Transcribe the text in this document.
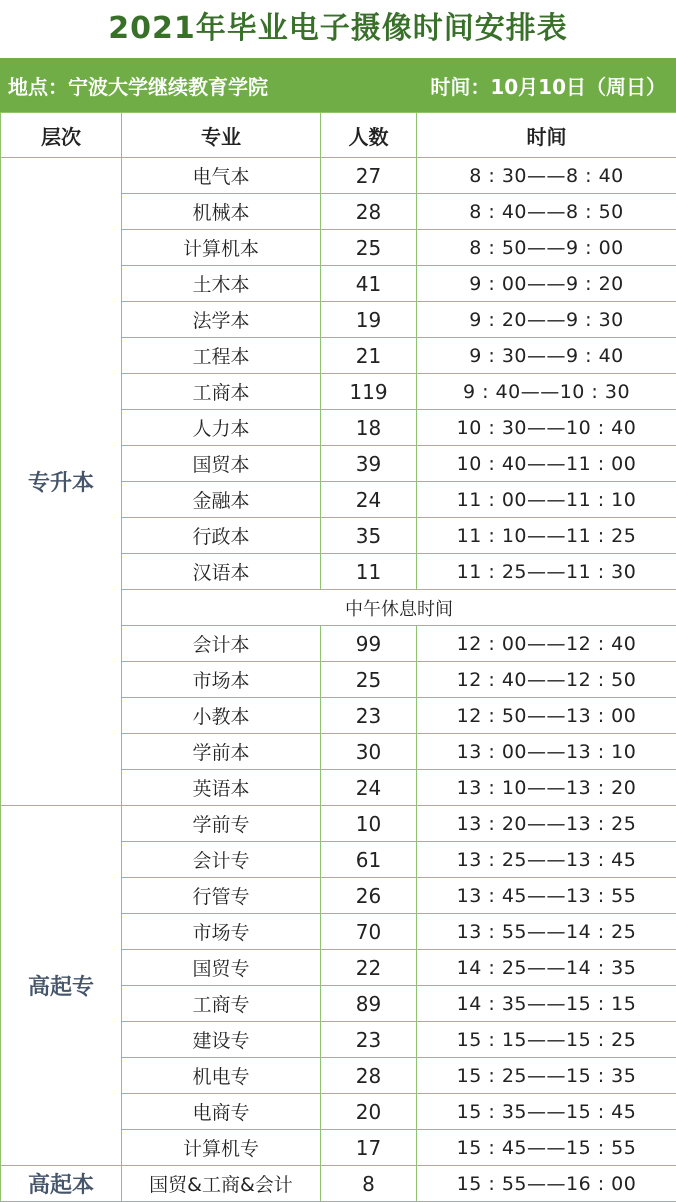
2021年毕业电子摄像时间安排表
地点：宁波大学继续教育学院	时间：10月10日（周日）
层次	专业	人数	时间
专升本	电气本	27	8 : 30——8 : 40
	机械本	28	8 : 40——8 : 50
	计算机本	25	8 : 50——9 : 00
	土木本	41	9 : 00——9 : 20
	法学本	19	9 : 20——9 : 30
	工程本	21	9 : 30——9 : 40
	工商本	119	9 : 40——10 : 30
	人力本	18	10 : 30——10 : 40
	国贸本	39	10 : 40——11 : 00
	金融本	24	11 : 00——11 : 10
	行政本	35	11 : 10——11 : 25
	汉语本	11	11 : 25——11 : 30
	中午休息时间		
	会计本	99	12 : 00——12 : 40
	市场本	25	12 : 40——12 : 50
	小教本	23	12 : 50——13 : 00
	学前本	30	13 : 00——13 : 10
	英语本	24	13 : 10——13 : 20
高起专	学前专	10	13 : 20——13 : 25
	会计专	61	13 : 25——13 : 45
	行管专	26	13 : 45——13 : 55
	市场专	70	13 : 55——14 : 25
	国贸专	22	14 : 25——14 : 35
	工商专	89	14 : 35——15 : 15
	建设专	23	15 : 15——15 : 25
	机电专	28	15 : 25——15 : 35
	电商专	20	15 : 35——15 : 45
	计算机专	17	15 : 45——15 : 55
高起本	国贸&工商&会计	8	15 : 55——16 : 00
